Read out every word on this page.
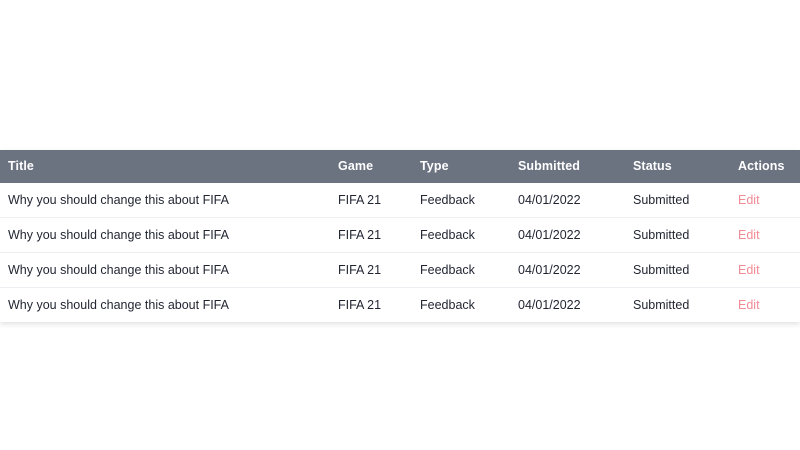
Title	Game	Type	Submitted	Status	Actions
Why you should change this about FIFA	FIFA 21	Feedback	04/01/2022	Submitted	Edit
Why you should change this about FIFA	FIFA 21	Feedback	04/01/2022	Submitted	Edit
Why you should change this about FIFA	FIFA 21	Feedback	04/01/2022	Submitted	Edit
Why you should change this about FIFA	FIFA 21	Feedback	04/01/2022	Submitted	Edit
